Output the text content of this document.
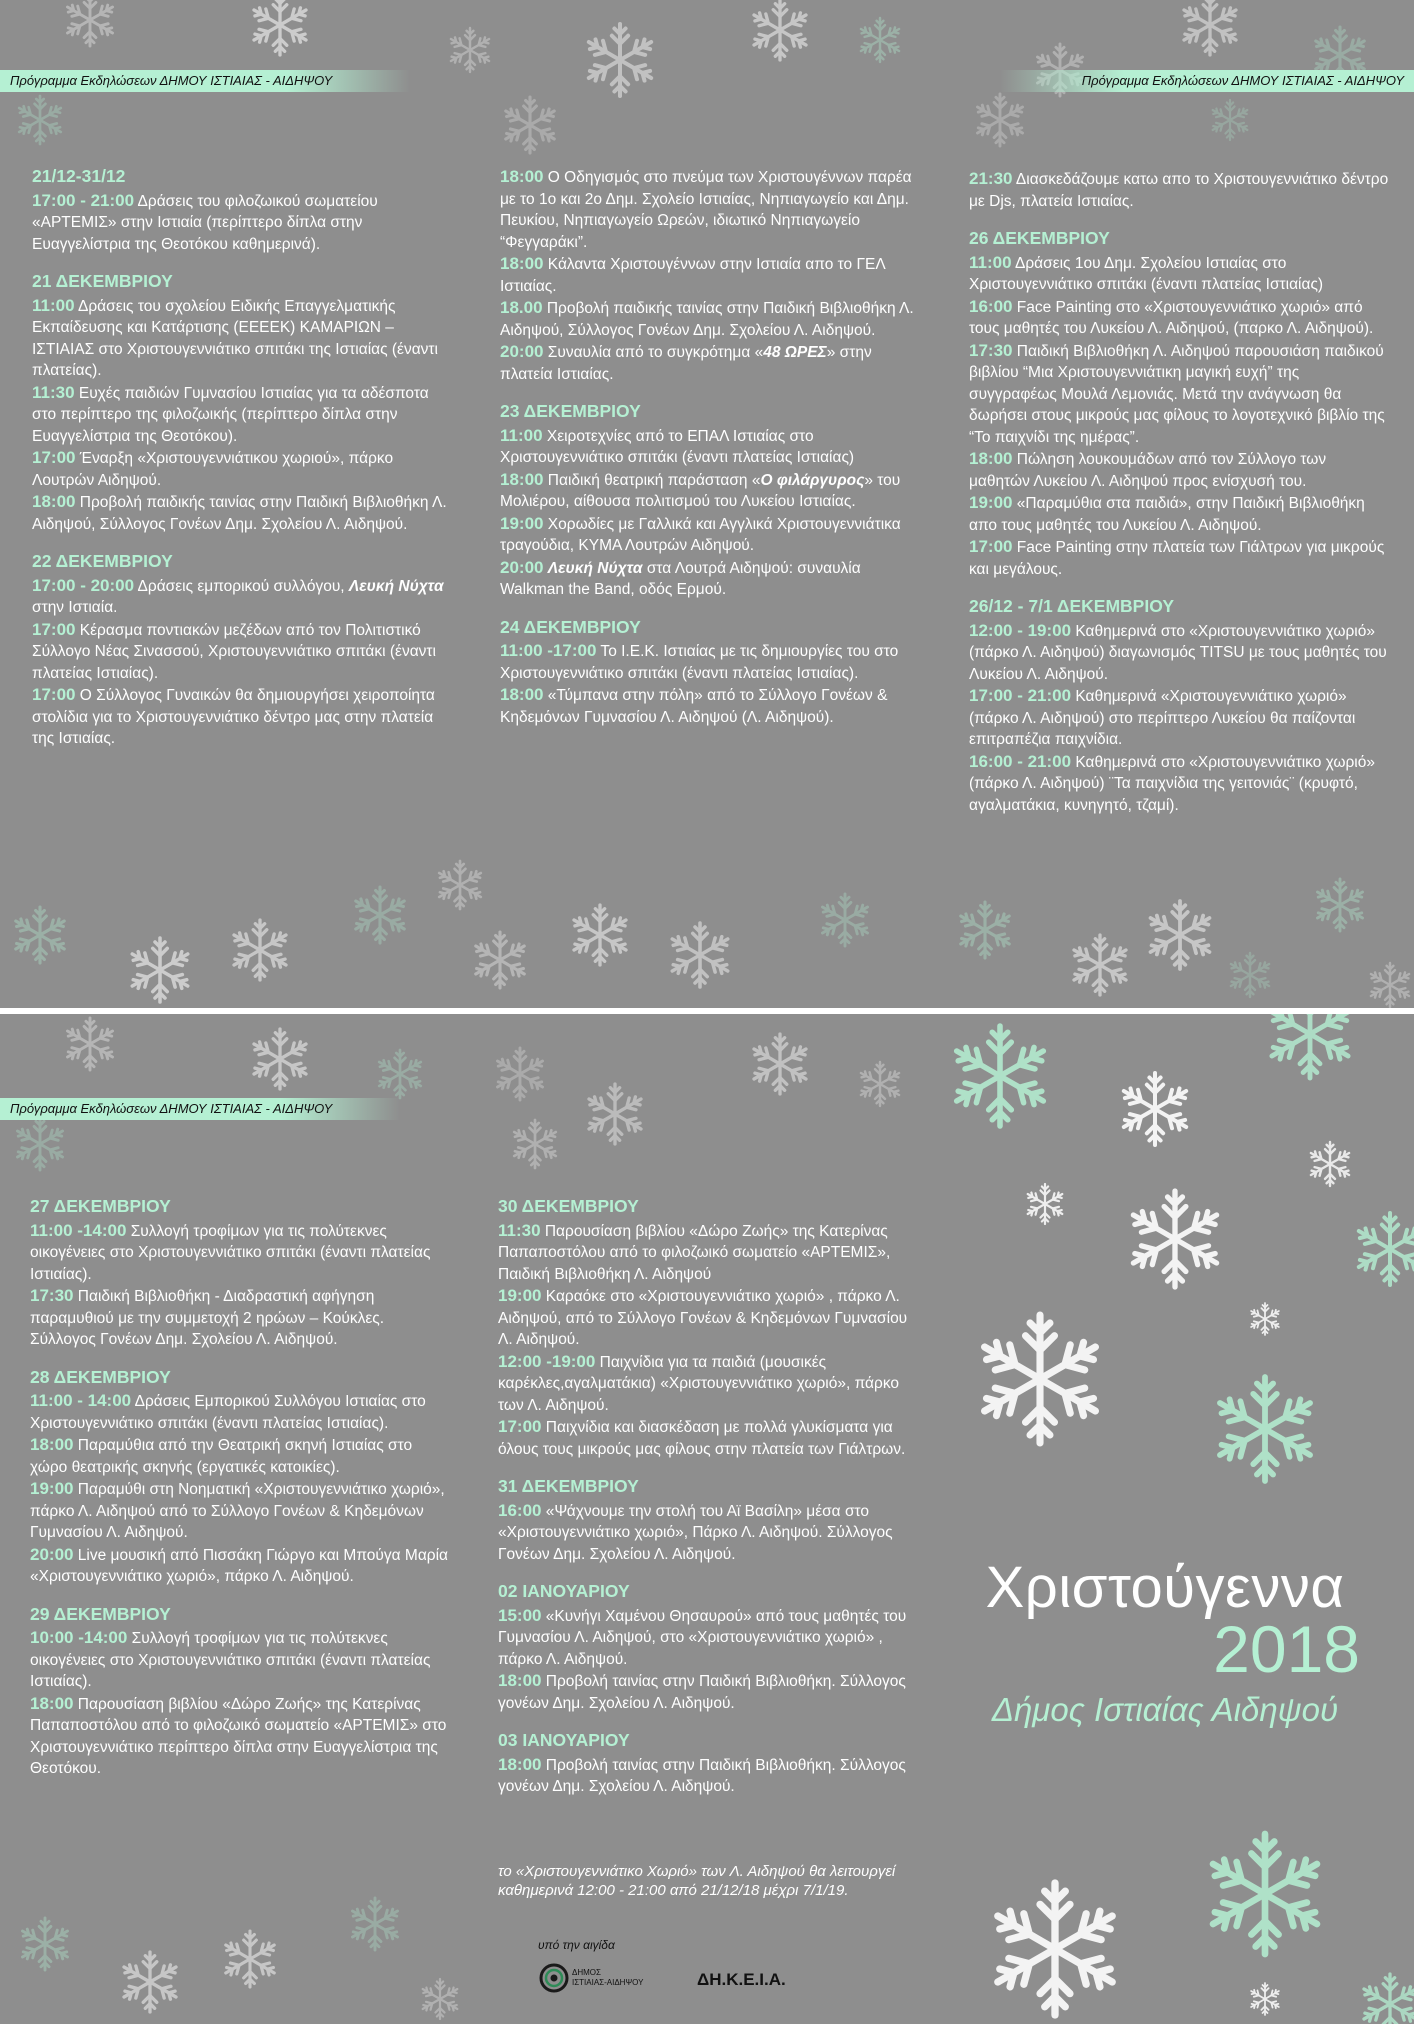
Πρόγραμμα Εκδηλώσεων ΔΗΜΟΥ ΙΣΤΙΑΙΑΣ - ΑΙΔΗΨΟΥ	Πρόγραμμα Εκδηλώσεων ΔΗΜΟΥ ΙΣΤΙΑΙΑΣ - ΑΙΔΗΨΟΥ
21/12-31/12
17:00 - 21:00 Δράσεις του φιλοζωικού σωματείου «ΑΡΤΕΜΙΣ» στην Ιστιαία (περίπτερο δίπλα στην Ευαγγελίστρια της Θεοτόκου καθημερινά).
21 ΔΕΚΕΜΒΡΙΟΥ
11:00 Δράσεις του σχολείου Ειδικής Επαγγελματικής Εκπαίδευσης και Κατάρτισης (ΕΕΕΕΚ) ΚΑΜΑΡΙΩΝ – ΙΣΤΙΑΙΑΣ στο Χριστουγεννιάτικο σπιτάκι της Ιστιαίας (έναντι πλατείας).
11:30 Ευχές παιδιών Γυμνασίου Ιστιαίας για τα αδέσποτα στο περίπτερο της φιλοζωικής (περίπτερο δίπλα στην Ευαγγελίστρια της Θεοτόκου).
17:00 Έναρξη «Χριστουγεννιάτικου χωριού», πάρκο Λουτρών Αιδηψού.
18:00 Προβολή παιδικής ταινίας στην Παιδική Βιβλιοθήκη Λ. Αιδηψού, Σύλλογος Γονέων Δημ. Σχολείου Λ. Αιδηψού.
22 ΔΕΚΕΜΒΡΙΟΥ
17:00 - 20:00 Δράσεις εμπορικού συλλόγου, Λευκή Νύχτα στην Ιστιαία.
17:00 Κέρασμα ποντιακών μεζέδων από τον Πολιτιστικό Σύλλογο Νέας Σινασσού, Χριστουγεννιάτικο σπιτάκι (έναντι πλατείας Ιστιαίας).
17:00 Ο Σύλλογος Γυναικών θα δημιουργήσει χειροποίητα στολίδια για το Χριστουγεννιάτικο δέντρο μας στην πλατεία της Ιστιαίας.
18:00 Ο Οδηγισμός στο πνεύμα των Χριστουγέννων παρέα με το 1ο και 2ο Δημ. Σχολείο Ιστιαίας, Νηπιαγωγείο και Δημ. Πευκίου, Νηπιαγωγείο Ωρεών, ιδιωτικό Νηπιαγωγείο “Φεγγαράκι”.
18:00 Κάλαντα Χριστουγέννων στην Ιστιαία απο το ΓΕΛ Ιστιαίας.
18.00 Προβολή παιδικής ταινίας στην Παιδική Βιβλιοθήκη Λ. Αιδηψού, Σύλλογος Γονέων Δημ. Σχολείου Λ. Αιδηψού.
20:00 Συναυλία από το συγκρότημα «48 ΩΡΕΣ» στην πλατεία Ιστιαίας.
23 ΔΕΚΕΜΒΡΙΟΥ
11:00 Χειροτεχνίες από το ΕΠΑΛ Ιστιαίας στο Χριστουγεννιάτικο σπιτάκι (έναντι πλατείας Ιστιαίας)
18:00 Παιδική θεατρική παράσταση «Ο φιλάργυρος» του Μολιέρου, αίθουσα πολιτισμού του Λυκείου Ιστιαίας.
19:00 Χορωδίες με Γαλλικά και Αγγλικά Χριστουγεννιάτικα τραγούδια, ΚΥΜΑ Λουτρών Αιδηψού.
20:00 Λευκή Νύχτα στα Λουτρά Αιδηψού: συναυλία Walkman the Band, οδός Ερμού.
24 ΔΕΚΕΜΒΡΙΟΥ
11:00 -17:00 Το Ι.Ε.Κ. Ιστιαίας με τις δημιουργίες του στο Χριστουγεννιάτικο σπιτάκι (έναντι πλατείας Ιστιαίας).
18:00 «Τύμπανα στην πόλη» από το Σύλλογο Γονέων & Κηδεμόνων Γυμνασίου Λ. Αιδηψού (Λ. Αιδηψού).
21:30 Διασκεδάζουμε κατω απο το Χριστουγεννιάτικο δέντρο με Djs, πλατεία Ιστιαίας.
26 ΔΕΚΕΜΒΡΙΟΥ
11:00 Δράσεις 1ου Δημ. Σχολείου Ιστιαίας στο Χριστουγεννιάτικο σπιτάκι (έναντι πλατείας Ιστιαίας)
16:00 Face Painting στο «Χριστουγεννιάτικο χωριό» από τους μαθητές του Λυκείου Λ. Αιδηψού, (παρκο Λ. Αιδηψού).
17:30 Παιδική Βιβλιοθήκη Λ. Αιδηψού παρουσιάση παιδικού βιβλίου “Μια Χριστουγεννιάτικη μαγική ευχή” της συγγραφέως Μουλά Λεμονιάς. Μετά την ανάγνωση θα δωρήσει στους μικρούς μας φίλους το λογοτεχνικό βιβλίο της “Το παιχνίδι της ημέρας”.
18:00 Πώληση λουκουμάδων από τον Σύλλογο των μαθητών Λυκείου Λ. Αιδηψού προς ενίσχυσή του.
19:00 «Παραμύθια στα παιδιά», στην Παιδική Βιβλιοθήκη απο τους μαθητές του Λυκείου Λ. Αιδηψού.
17:00 Face Painting στην πλατεία των Γιάλτρων για μικρούς και μεγάλους.
26/12 - 7/1 ΔΕΚΕΜΒΡΙΟΥ
12:00 - 19:00 Καθημερινά στο «Χριστουγεννιάτικο χωριό» (πάρκο Λ. Αιδηψού) διαγωνισμός TITSU με τους μαθητές του Λυκείου Λ. Αιδηψού.
17:00 - 21:00 Καθημερινά «Χριστουγεννιάτικο χωριό» (πάρκο Λ. Αιδηψού) στο περίπτερο Λυκείου θα παίζονται επιτραπέζια παιχνίδια.
16:00 - 21:00 Καθημερινά στο «Χριστουγεννιάτικο χωριό» (πάρκο Λ. Αιδηψού) ¨Τα παιχνίδια της γειτονιάς¨ (κρυφτό, αγαλματάκια, κυνηγητό, τζαμί).
Πρόγραμμα Εκδηλώσεων ΔΗΜΟΥ ΙΣΤΙΑΙΑΣ - ΑΙΔΗΨΟΥ
27 ΔΕΚΕΜΒΡΙΟΥ
11:00 -14:00 Συλλογή τροφίμων για τις πολύτεκνες οικογένειες στο Χριστουγεννιάτικο σπιτάκι (έναντι πλατείας Ιστιαίας).
17:30 Παιδική Βιβλιοθήκη - Διαδραστική αφήγηση παραμυθιού με την συμμετοχή 2 ηρώων – Κούκλες. Σύλλογος Γονέων Δημ. Σχολείου Λ. Αιδηψού.
28 ΔΕΚΕΜΒΡΙΟΥ
11:00 - 14:00 Δράσεις Εμπορικού Συλλόγου Ιστιαίας στο Χριστουγεννιάτικο σπιτάκι (έναντι πλατείας Ιστιαίας).
18:00 Παραμύθια από την Θεατρική σκηνή Ιστιαίας στο χώρο θεατρικής σκηνής (εργατικές κατοικίες).
19:00 Παραμύθι στη Νοηματική «Χριστουγεννιάτικο χωριό», πάρκο Λ. Αιδηψού από το Σύλλογο Γονέων & Κηδεμόνων Γυμνασίου Λ. Αιδηψού.
20:00 Live μουσική από Πισσάκη Γιώργο και Μπούγα Μαρία «Χριστουγεννιάτικο χωριό», πάρκο Λ. Αιδηψού.
29 ΔΕΚΕΜΒΡΙΟΥ
10:00 -14:00 Συλλογή τροφίμων για τις πολύτεκνες οικογένειες στο Χριστουγεννιάτικο σπιτάκι (έναντι πλατείας Ιστιαίας).
18:00 Παρουσίαση βιβλίου «Δώρο Ζωής» της Κατερίνας Παπαποστόλου από το φιλοζωικό σωματείο «ΑΡΤΕΜΙΣ» στο Χριστουγεννιάτικο περίπτερο δίπλα στην Ευαγγελίστρια της Θεοτόκου.
30 ΔΕΚΕΜΒΡΙΟΥ
11:30 Παρουσίαση βιβλίου «Δώρο Ζωής» της Κατερίνας Παπαποστόλου από το φιλοζωικό σωματείο «ΑΡΤΕΜΙΣ», Παιδική Βιβλιοθήκη Λ. Αιδηψού
19:00 Καραόκε στο «Χριστουγεννιάτικο χωριό» , πάρκο Λ. Αιδηψού, από το Σύλλογο Γονέων & Κηδεμόνων Γυμνασίου Λ. Αιδηψού.
12:00 -19:00 Παιχνίδια για τα παιδιά (μουσικές καρέκλες,αγαλματάκια) «Χριστουγεννιάτικο χωριό», πάρκο των Λ. Αιδηψού.
17:00 Παιχνίδια και διασκέδαση με πολλά γλυκίσματα για όλους τους μικρούς μας φίλους στην πλατεία των Γιάλτρων.
31 ΔΕΚΕΜΒΡΙΟΥ
16:00 «Ψάχνουμε την στολή του Αϊ Βασίλη» μέσα στο «Χριστουγεννιάτικο χωριό», Πάρκο Λ. Αιδηψού. Σύλλογος Γονέων Δημ. Σχολείου Λ. Αιδηψού.
02 ΙΑΝΟΥΑΡΙΟΥ
15:00 «Κυνήγι Χαμένου Θησαυρού» από τους μαθητές του Γυμνασίου Λ. Αιδηψού, στο «Χριστουγεννιάτικο χωριό» , πάρκο Λ. Αιδηψού.
18:00 Προβολή ταινίας στην Παιδική Βιβλιοθήκη. Σύλλογος γονέων Δημ. Σχολείου Λ. Αιδηψού.
03 ΙΑΝΟΥΑΡΙΟΥ
18:00 Προβολή ταινίας στην Παιδική Βιβλιοθήκη. Σύλλογος γονέων Δημ. Σχολείου Λ. Αιδηψού.
Χριστούγεννα
2018
Δήμος Ιστιαίας Αιδηψού
το «Χριστουγεννιάτικο Χωριό» των Λ. Αιδηψού θα λειτουργεί καθημερινά 12:00 - 21:00 από 21/12/18 μέχρι 7/1/19.
υπό την αιγίδα
ΔΗΜΟΣ
ΙΣΤΙΑΙΑΣ-ΑΙΔΗΨΟΥ	ΔΗ.Κ.Ε.Ι.Α.
